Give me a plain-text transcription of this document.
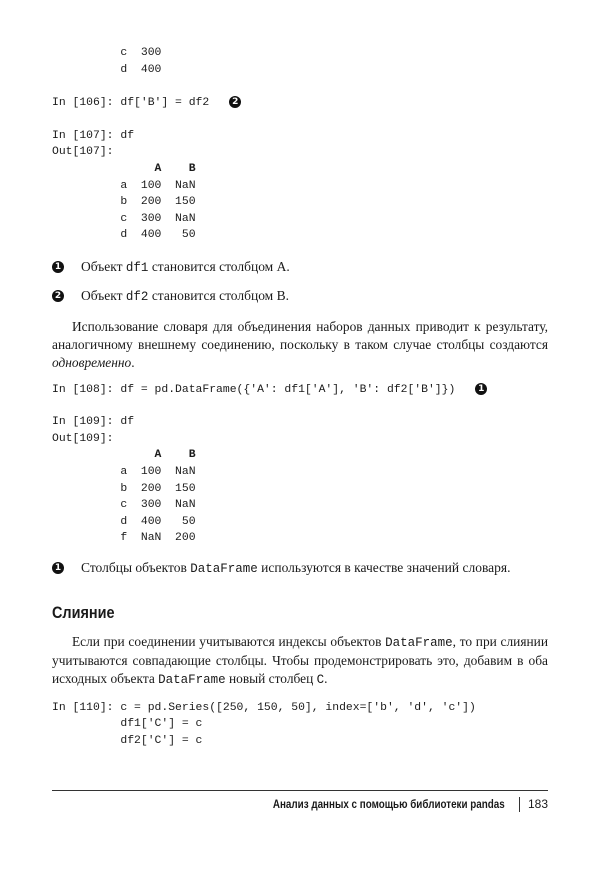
c  300
d  400
In [106]: df['B'] = df2	2
In [107]: df
Out[107]:
A    B
a  100  NaN
b  200  150
c  300  NaN
d  400   50
1 Объект df1 становится столбцом A.
2 Объект df2 становится столбцом B.

Использование словаря для объединения наборов данных приводит к результату, аналогичному внешнему соединению, поскольку в таком случае столбцы создаются одновременно.

In [108]: df = pd.DataFrame({'A': df1['A'], 'B': df2['B']})	1
In [109]: df
Out[109]:
A    B
a  100  NaN
b  200  150
c  300  NaN
d  400   50
f  NaN  200
1 Столбцы объектов DataFrame используются в качестве значений словаря.
Слияние

Если при соединении учитываются индексы объектов DataFrame, то при слиянии учитываются совпадающие столбцы. Чтобы продемонстрировать это, добавим в оба исходных объекта DataFrame новый столбец C.

In [110]: c = pd.Series([250, 150, 50], index=['b', 'd', 'c'])
df1['C'] = c
df2['C'] = c
Анализ данных с помощью библиотеки pandas 183
